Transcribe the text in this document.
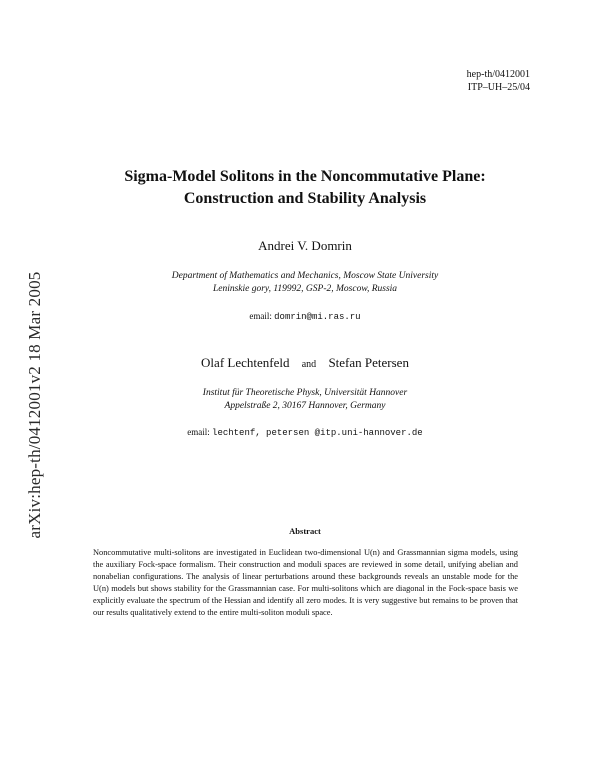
arXiv:hep-th/0412001v2 18 Mar 2005
hep-th/0412001
ITP–UH–25/04
Sigma-Model Solitons in the Noncommutative Plane:
Construction and Stability Analysis
Andrei V. Domrin
Department of Mathematics and Mechanics, Moscow State University
Leninskie gory, 119992, GSP-2, Moscow, Russia
email: domrin@mi.ras.ru
Olaf Lechtenfeld and Stefan Petersen
Institut für Theoretische Physk, Universität Hannover
Appelstraße 2, 30167 Hannover, Germany
email: lechtenf, petersen @itp.uni-hannover.de
Abstract
Noncommutative multi-solitons are investigated in Euclidean two-dimensional U(n) and Grassmannian sigma models, using the auxiliary Fock-space formalism. Their construction and moduli spaces are reviewed in some detail, unifying abelian and nonabelian configurations. The analysis of linear perturbations around these backgrounds reveals an unstable mode for the U(n) models but shows stability for the Grassmannian case. For multi-solitons which are diagonal in the Fock-space basis we explicitly evaluate the spectrum of the Hessian and identify all zero modes. It is very suggestive but remains to be proven that our results qualitatively extend to the entire multi-soliton moduli space.
